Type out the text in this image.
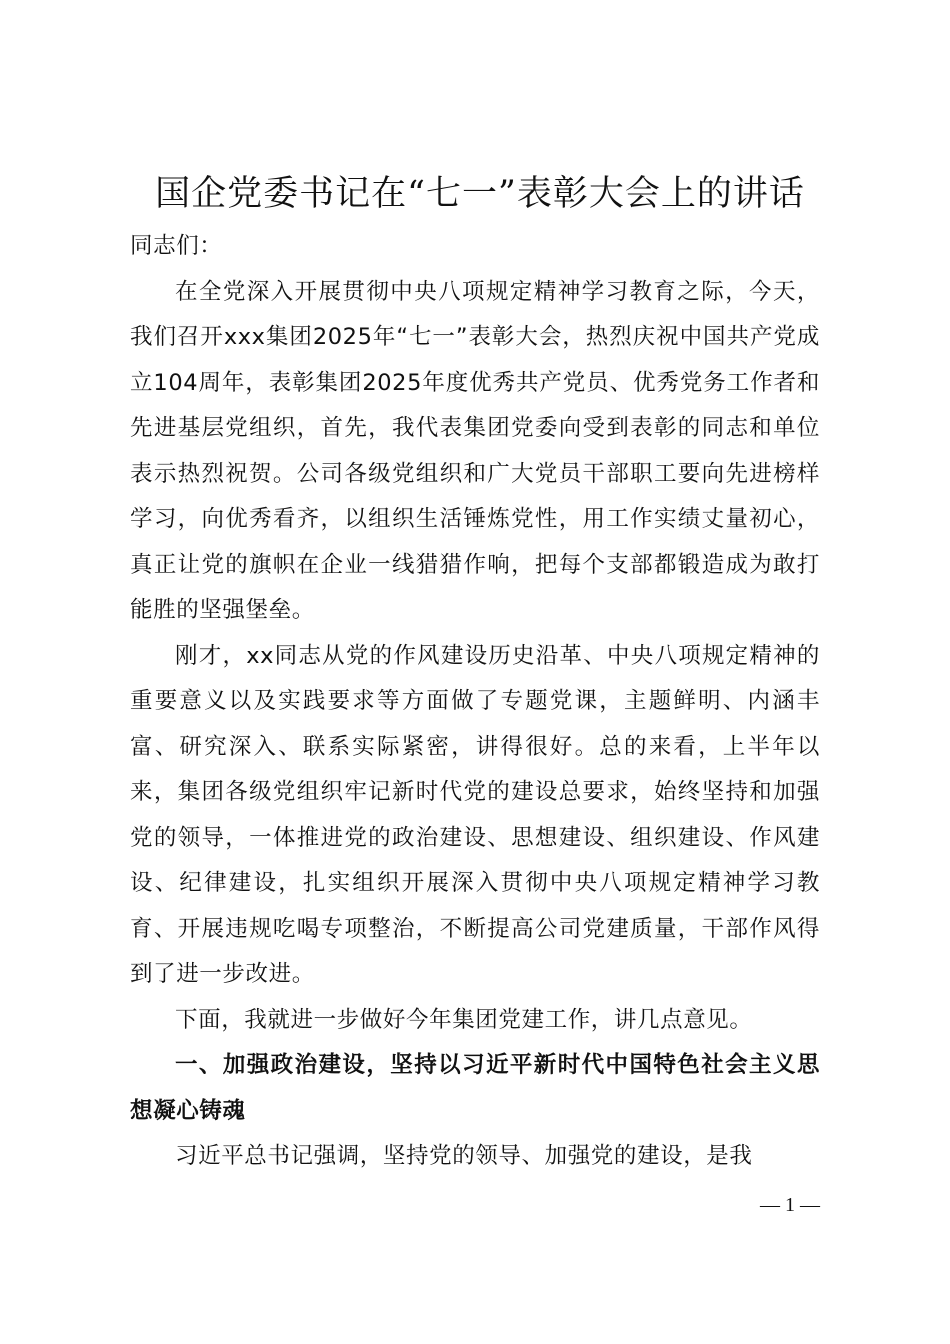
国企党委书记在“七一”表彰大会上的讲话

同志们：

在全党深入开展贯彻中央八项规定精神学习教育之际，今天，我们召开xxx集团2025年“七一”表彰大会，热烈庆祝中国共产党成立104周年，表彰集团2025年度优秀共产党员、优秀党务工作者和先进基层党组织，首先，我代表集团党委向受到表彰的同志和单位表示热烈祝贺。公司各级党组织和广大党员干部职工要向先进榜样学习，向优秀看齐，以组织生活锤炼党性，用工作实绩丈量初心，真正让党的旗帜在企业一线猎猎作响，把每个支部都锻造成为敢打能胜的坚强堡垒。

刚才，xx同志从党的作风建设历史沿革、中央八项规定精神的重要意义以及实践要求等方面做了专题党课，主题鲜明、内涵丰富、研究深入、联系实际紧密，讲得很好。总的来看，上半年以来，集团各级党组织牢记新时代党的建设总要求，始终坚持和加强党的领导，一体推进党的政治建设、思想建设、组织建设、作风建设、纪律建设，扎实组织开展深入贯彻中央八项规定精神学习教育、开展违规吃喝专项整治，不断提高公司党建质量，干部作风得到了进一步改进。

下面，我就进一步做好今年集团党建工作，讲几点意见。

一、加强政治建设，坚持以习近平新时代中国特色社会主义思想凝心铸魂

习近平总书记强调，坚持党的领导、加强党的建设，是我

— 1 —
